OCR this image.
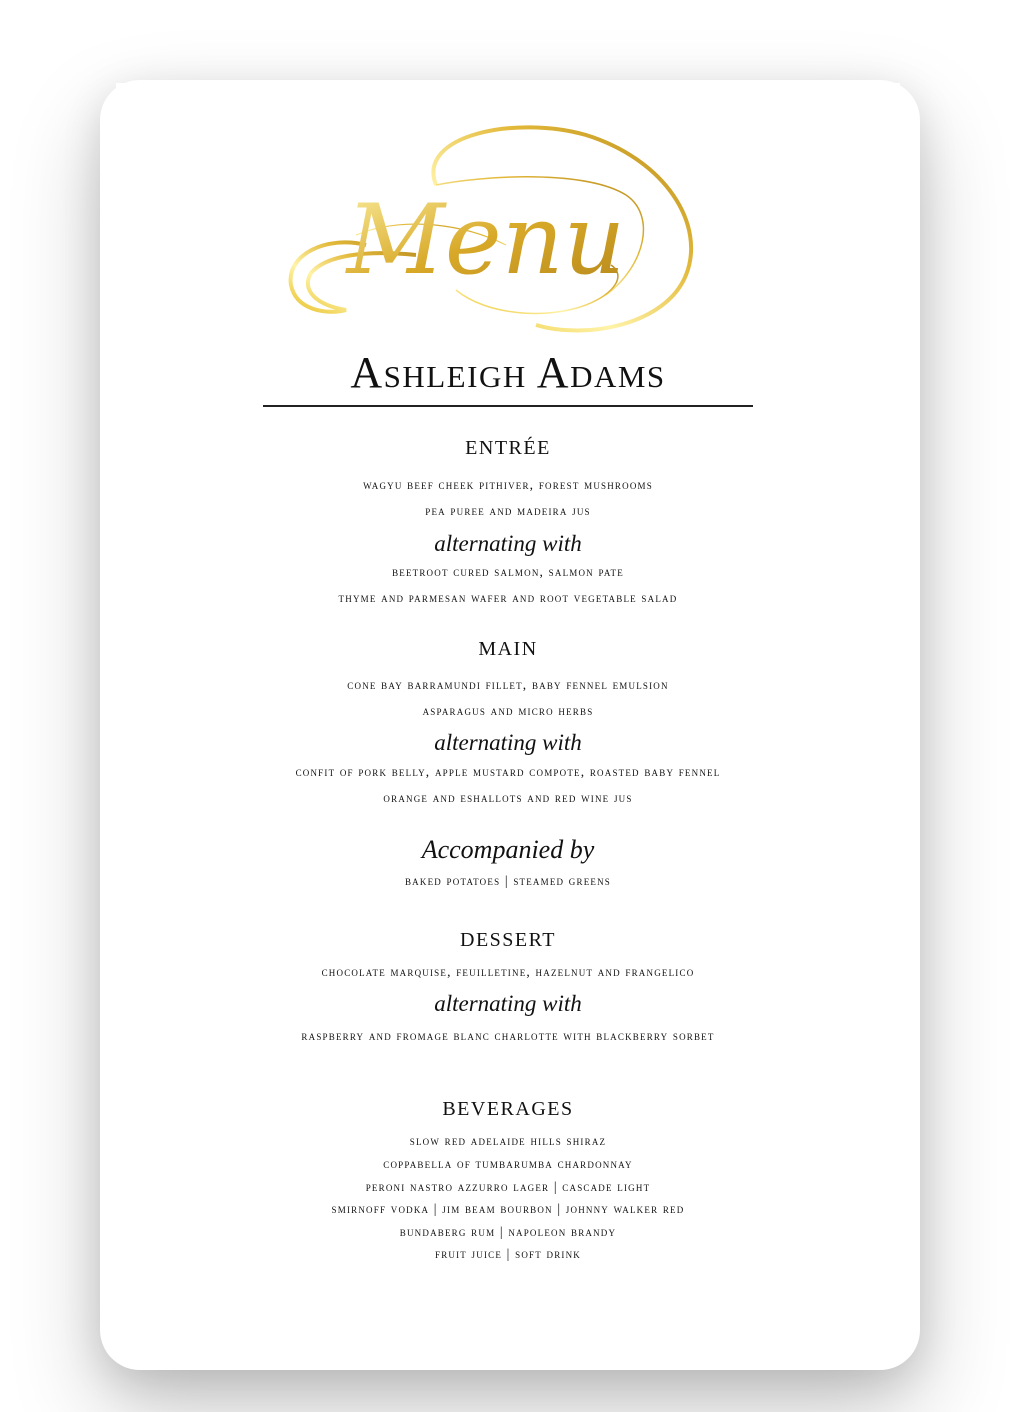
Menu
Ashleigh Adams
ENTRÉE
wagyu beef cheek pithiver, forest mushrooms
pea puree and madeira jus
alternating with
beetroot cured salmon, salmon pate
thyme and parmesan wafer and root vegetable salad
MAIN
cone bay barramundi fillet, baby fennel emulsion
asparagus and micro herbs
alternating with
confit of pork belly, apple mustard compote, roasted baby fennel
orange and eshallots and red wine jus
Accompanied by
baked potatoes | steamed greens
DESSERT
chocolate marquise, feuilletine, hazelnut and frangelico
alternating with
raspberry and fromage blanc charlotte with blackberry sorbet
BEVERAGES
slow red adelaide hills shiraz
coppabella of tumbarumba chardonnay
peroni nastro azzurro lager | cascade light
smirnoff vodka | jim beam bourbon | johnny walker red
bundaberg rum | napoleon brandy
fruit juice | soft drink
